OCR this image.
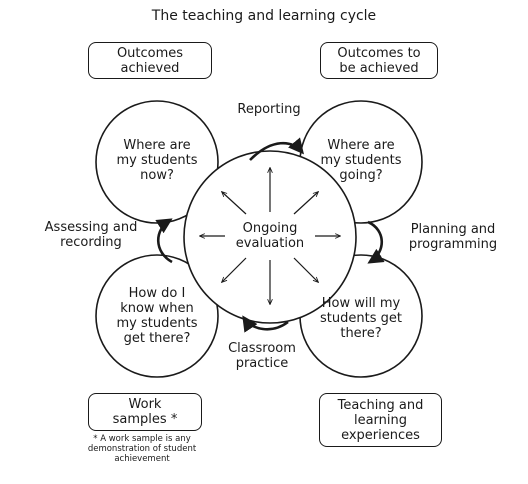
The teaching and learning cycle
Outcomes
achieved
Outcomes to
be achieved
Work
samples *
Teaching and
learning
experiences
Where are
my students
now?
Where are
my students
going?
How do I
know when
my students
get there?
How will my
students get
there?
Ongoing
evaluation
Reporting
Planning and
programming
Classroom
practice
Assessing and
recording
* A work sample is any
demonstration of student
achievement
